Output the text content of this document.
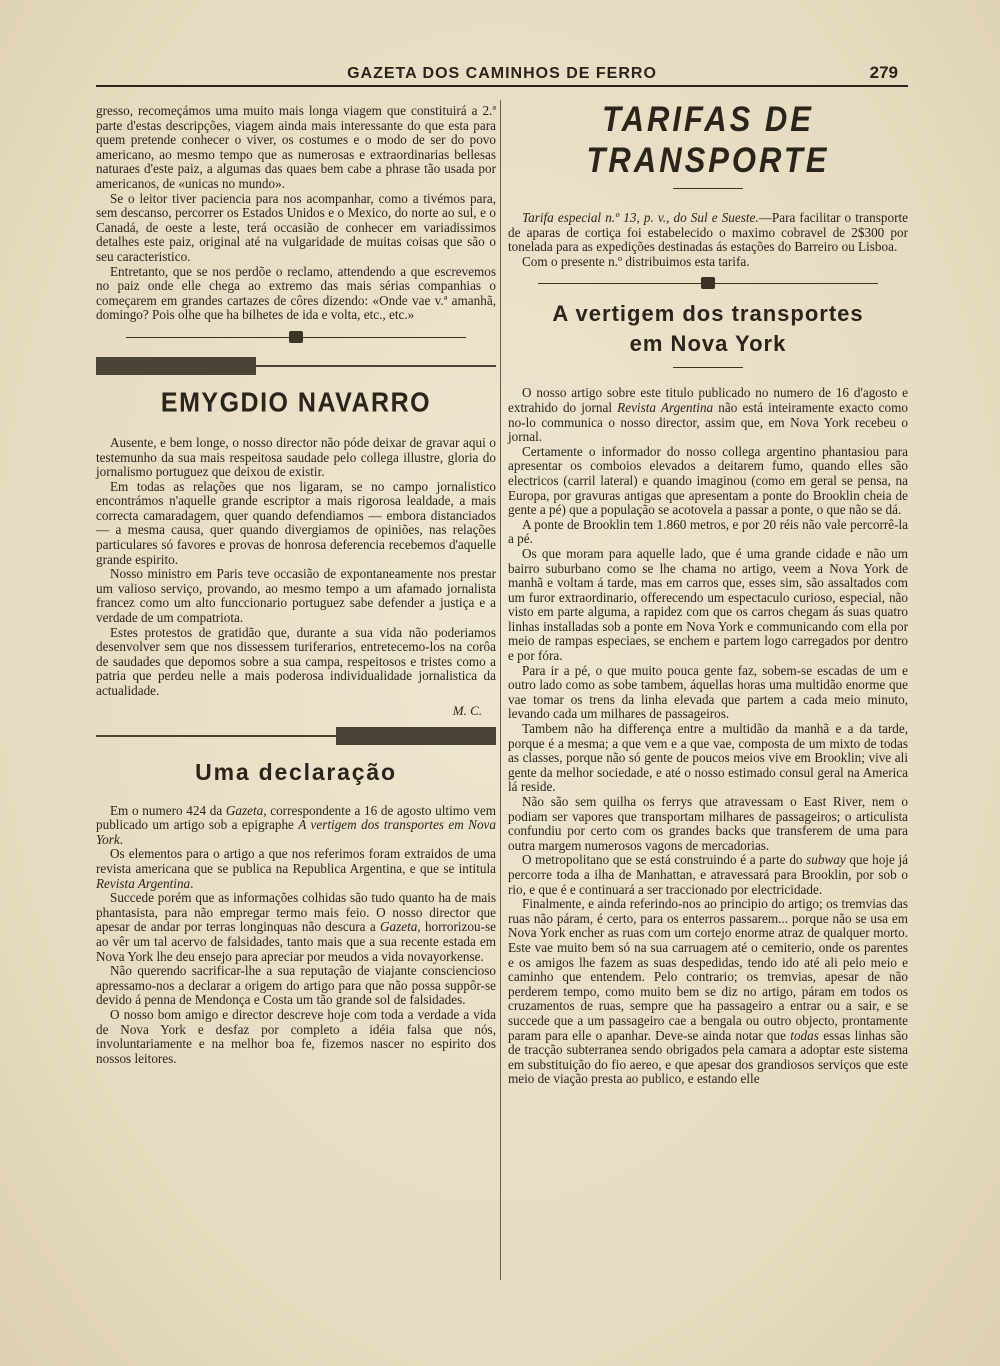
GAZETA DOS CAMINHOS DE FERRO	279

gresso, recomeçámos uma muito mais longa viagem que constituirá a 2.ª parte d'estas descripções, viagem ainda mais interessante do que esta para quem pretende conhecer o viver, os costumes e o modo de ser do povo americano, ao mesmo tempo que as numerosas e extraordinarias bellesas naturaes d'este paiz, a algumas das quaes bem cabe a phrase tão usada por americanos, de «unicas no mundo».

Se o leitor tiver paciencia para nos acompanhar, como a tivémos para, sem descanso, percorrer os Estados Unidos e o Mexico, do norte ao sul, e o Canadá, de oeste a leste, terá occasião de conhecer em variadissimos detalhes este paiz, original até na vulgaridade de muitas coisas que são o seu caracteristico.

Entretanto, que se nos perdõe o reclamo, attendendo a que escrevemos no paiz onde elle chega ao extremo das mais sérias companhias o começarem em grandes cartazes de côres dizendo: «Onde vae v.ª amanhã, domingo? Pois olhe que ha bilhetes de ida e volta, etc., etc.»

EMYGDIO NAVARRO

Ausente, e bem longe, o nosso director não póde deixar de gravar aqui o testemunho da sua mais respeitosa saudade pelo collega illustre, gloria do jornalismo portuguez que deixou de existir.

Em todas as relações que nos ligaram, se no campo jornalistico encontrámos n'aquelle grande escriptor a mais rigorosa lealdade, a mais correcta camaradagem, quer quando defendiamos — embora distanciados — a mesma causa, quer quando divergiamos de opiniões, nas relações particulares só favores e provas de honrosa deferencia recebemos d'aquelle grande espirito.

Nosso ministro em Paris teve occasião de expontaneamente nos prestar um valioso serviço, provando, ao mesmo tempo a um afamado jornalista francez como um alto funccionario portuguez sabe defender a justiça e a verdade de um compatriota.

Estes protestos de gratidão que, durante a sua vida não poderiamos desenvolver sem que nos dissessem turiferarios, entretecemo-los na corôa de saudades que depomos sobre a sua campa, respeitosos e tristes como a patria que perdeu nelle a mais poderosa individualidade jornalistica da actualidade.

M. C.
Uma declaração

Em o numero 424 da Gazeta, correspondente a 16 de agosto ultimo vem publicado um artigo sob a epigraphe A vertigem dos transportes em Nova York.

Os elementos para o artigo a que nos referimos foram extraidos de uma revista americana que se publica na Republica Argentina, e que se intitula Revista Argentina.

Succede porém que as informações colhidas são tudo quanto ha de mais phantasista, para não empregar termo mais feio. O nosso director que apesar de andar por terras longinquas não descura a Gazeta, horrorizou-se ao vêr um tal acervo de falsidades, tanto mais que a sua recente estada em Nova York lhe deu ensejo para apreciar por meudos a vida novayorkense.

Não querendo sacrificar-lhe a sua reputação de viajante consciencioso apressamo-nos a declarar a origem do artigo para que não possa suppôr-se devido á penna de Mendonça e Costa um tão grande sol de falsidades.

O nosso bom amigo e director descreve hoje com toda a verdade a vida de Nova York e desfaz por completo a idéia falsa que nós, involuntariamente e na melhor boa fe, fizemos nascer no espirito dos nossos leitores.

TARIFAS DE TRANSPORTE

Tarifa especial n.º 13, p. v., do Sul e Sueste.—Para facilitar o transporte de aparas de cortiça foi estabelecido o maximo cobravel de 2$300 por tonelada para as expedições destinadas ás estações do Barreiro ou Lisboa.

Com o presente n.º distribuimos esta tarifa.

A vertigem dos transportes
em Nova York

O nosso artigo sobre este titulo publicado no numero de 16 d'agosto e extrahido do jornal Revista Argentina não está inteiramente exacto como no-lo communica o nosso director, assim que, em Nova York recebeu o jornal.

Certamente o informador do nosso collega argentino phantasiou para apresentar os comboios elevados a deitarem fumo, quando elles são electricos (carril lateral) e quando imaginou (como em geral se pensa, na Europa, por gravuras antigas que apresentam a ponte do Brooklin cheia de gente a pé) que a população se acotovela a passar a ponte, o que não se dá.

A ponte de Brooklin tem 1.860 metros, e por 20 réis não vale percorrê-la a pé.

Os que moram para aquelle lado, que é uma grande cidade e não um bairro suburbano como se lhe chama no artigo, veem a Nova York de manhã e voltam á tarde, mas em carros que, esses sim, são assaltados com um furor extraordinario, offerecendo um espectaculo curioso, especial, não visto em parte alguma, a rapidez com que os carros chegam ás suas quatro linhas installadas sob a ponte em Nova York e communicando com ella por meio de rampas especiaes, se enchem e partem logo carregados por dentro e por fóra.

Para ir a pé, o que muito pouca gente faz, sobem-se escadas de um e outro lado como as sobe tambem, áquellas horas uma multidão enorme que vae tomar os trens da linha elevada que partem a cada meio minuto, levando cada um milhares de passageiros.

Tambem não ha differença entre a multidão da manhã e a da tarde, porque é a mesma; a que vem e a que vae, composta de um mixto de todas as classes, porque não só gente de poucos meios vive em Brooklin; vive ali gente da melhor sociedade, e até o nosso estimado consul geral na America lá reside.

Não são sem quilha os ferrys que atravessam o East River, nem o podiam ser vapores que transportam milhares de passageiros; o articulista confundiu por certo com os grandes backs que transferem de uma para outra margem numerosos vagons de mercadorias.

O metropolitano que se está construindo é a parte do subway que hoje já percorre toda a ilha de Manhattan, e atravessará para Brooklin, por sob o rio, e que é e continuará a ser traccionado por electricidade.

Finalmente, e ainda referindo-nos ao principio do artigo; os tremvias das ruas não páram, é certo, para os enterros passarem... porque não se usa em Nova York encher as ruas com um cortejo enorme atraz de qualquer morto. Este vae muito bem só na sua carruagem até o cemiterio, onde os parentes e os amigos lhe fazem as suas despedidas, tendo ido até ali pelo meio e caminho que entendem. Pelo contrario; os tremvias, apesar de não perderem tempo, como muito bem se diz no artigo, páram em todos os cruzamentos de ruas, sempre que ha passageiro a entrar ou a sair, e se succede que a um passageiro cae a bengala ou outro objecto, prontamente param para elle o apanhar. Deve-se ainda notar que todas essas linhas são de tracção subterranea sendo obrigados pela camara a adoptar este sistema em substituição do fio aereo, e que apesar dos grandiosos serviços que este meio de viação presta ao publico, e estando elle
